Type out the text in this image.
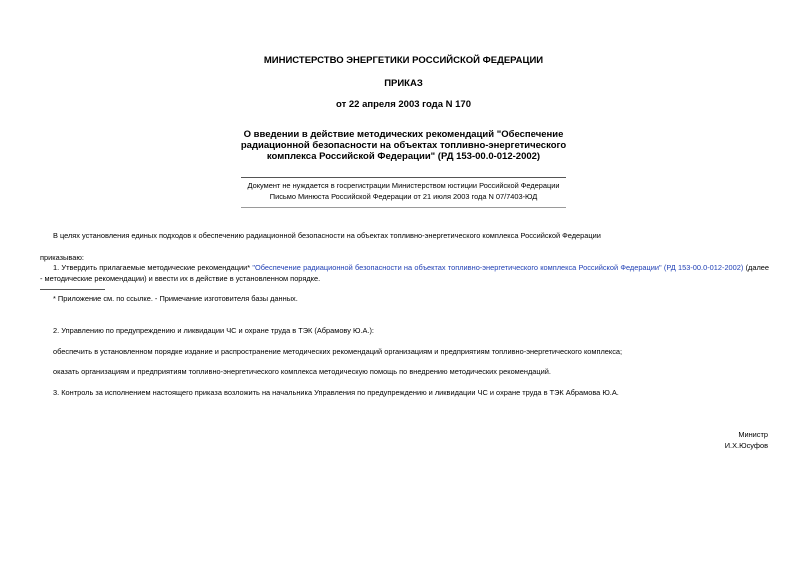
МИНИСТЕРСТВО ЭНЕРГЕТИКИ РОССИЙСКОЙ ФЕДЕРАЦИИ
ПРИКАЗ
от 22 апреля 2003 года N 170
О введении в действие методических рекомендаций "Обеспечение
радиационной безопасности на объектах топливно-энергетического
комплекса Российской Федерации" (РД 153-00.0-012-2002)
Документ не нуждается в госрегистрации Министерством юстиции Российской Федерации
Письмо Минюста Российской Федерации от 21 июля 2003 года N 07/7403-ЮД
В целях установления единых подходов к обеспечению радиационной безопасности на объектах топливно-энергетического комплекса Российской Федерации
приказываю:
1. Утвердить прилагаемые методические рекомендации* "Обеспечение радиационной безопасности на объектах топливно-энергетического комплекса Российской Федерации" (РД 153-00.0-012-2002) (далее - методические рекомендации) и ввести их в действие в установленном порядке.
* Приложение см. по ссылке. - Примечание изготовителя базы данных.
2. Управлению по предупреждению и ликвидации ЧС и охране труда в ТЭК (Абрамову Ю.А.):
обеспечить в установленном порядке издание и распространение методических рекомендаций организациям и предприятиям топливно-энергетического комплекса;
оказать организациям и предприятиям топливно-энергетического комплекса методическую помощь по внедрению методических рекомендаций.
3. Контроль за исполнением настоящего приказа возложить на начальника Управления по предупреждению и ликвидации ЧС и охране труда в ТЭК Абрамова Ю.А.
Министр
И.Х.Юсуфов
